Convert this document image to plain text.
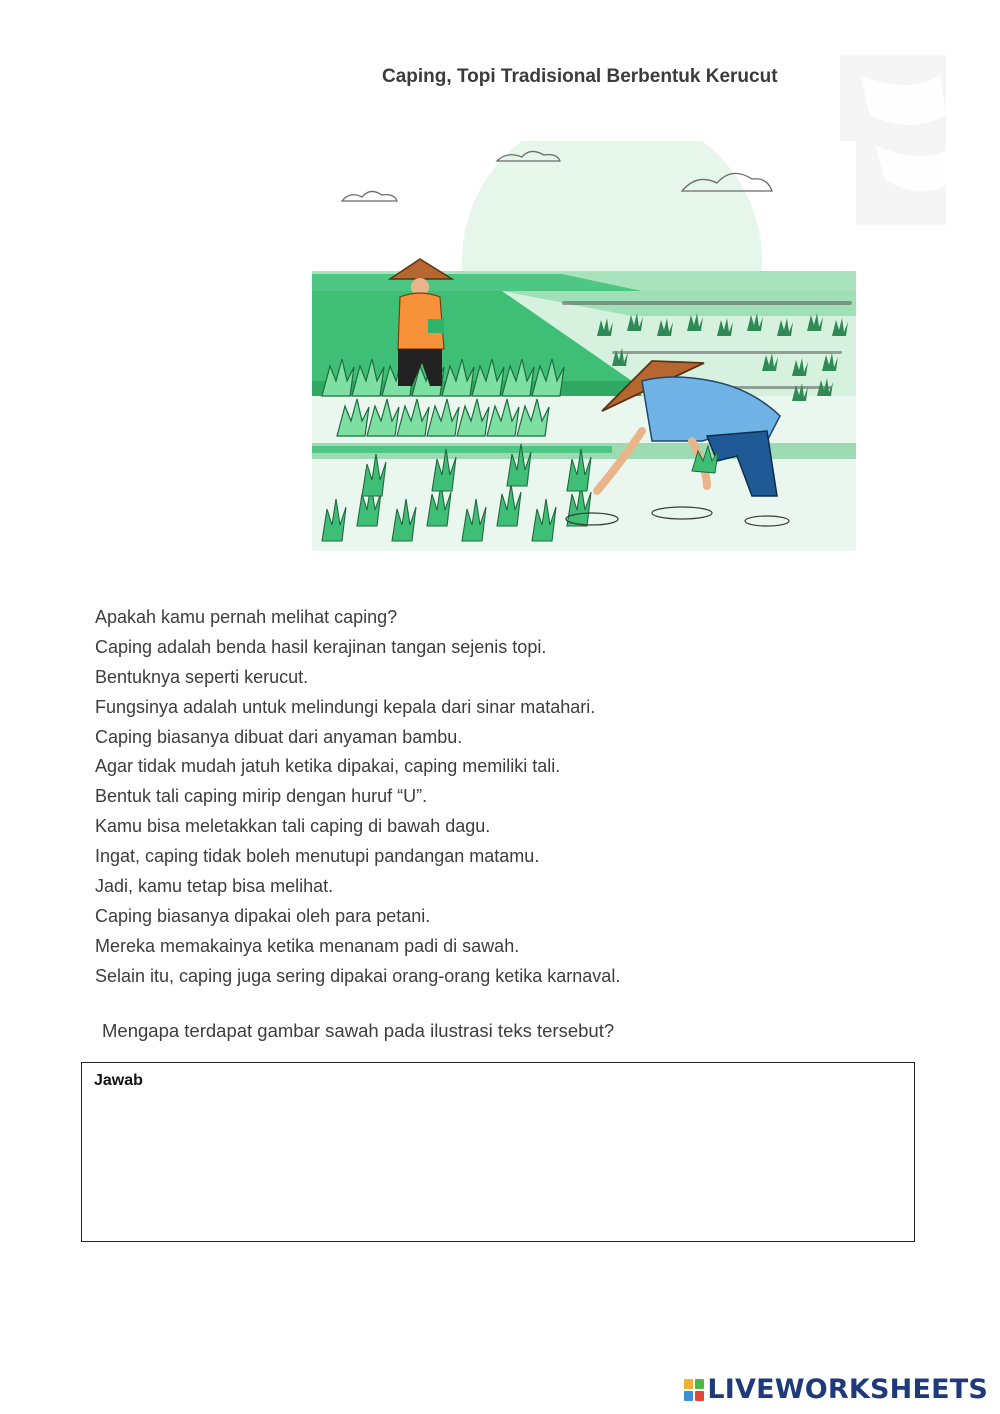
Caping, Topi Tradisional Berbentuk Kerucut
Apakah kamu pernah melihat caping?
Caping adalah benda hasil kerajinan tangan sejenis topi.
Bentuknya seperti kerucut.
Fungsinya adalah untuk melindungi kepala dari sinar matahari.
Caping biasanya dibuat dari anyaman bambu.
Agar tidak mudah jatuh ketika dipakai, caping memiliki tali.
Bentuk tali caping mirip dengan huruf “U”.
Kamu bisa meletakkan tali caping di bawah dagu.
Ingat, caping tidak boleh menutupi pandangan matamu.
Jadi, kamu tetap bisa melihat.
Caping biasanya dipakai oleh para petani.
Mereka memakainya ketika menanam padi di sawah.
Selain itu, caping juga sering dipakai orang-orang ketika karnaval.
Mengapa terdapat gambar sawah pada ilustrasi teks tersebut?
Jawab
LIVEWORKSHEETS
